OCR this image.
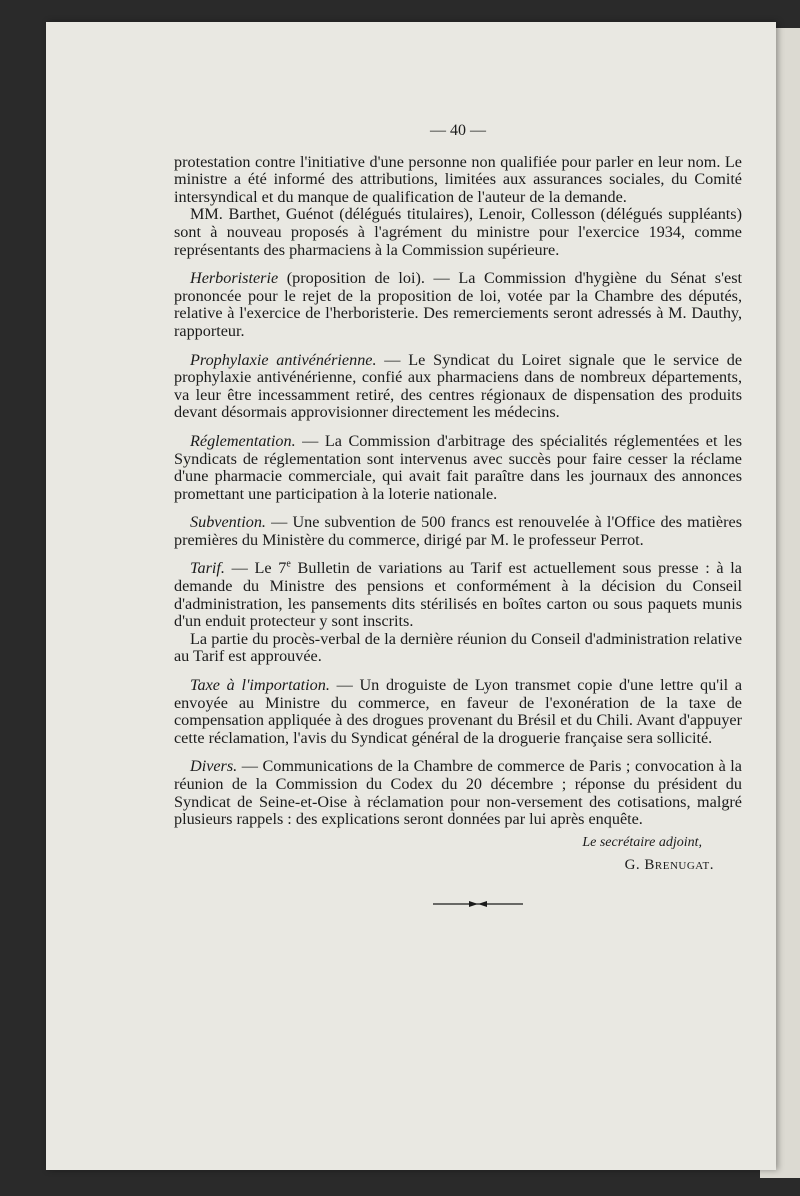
— 40 —

protestation contre l'initiative d'une personne non qualifiée pour parler en leur nom. Le ministre a été informé des attributions, limitées aux assurances sociales, du Comité intersyndical et du manque de qualification de l'auteur de la demande.

MM. Barthet, Guénot (délégués titulaires), Lenoir, Collesson (délégués suppléants) sont à nouveau proposés à l'agrément du ministre pour l'exercice 1934, comme représentants des pharmaciens à la Commission supérieure.

Herboristerie (proposition de loi). — La Commission d'hygiène du Sénat s'est prononcée pour le rejet de la proposition de loi, votée par la Chambre des députés, relative à l'exercice de l'herboristerie. Des remerciements seront adressés à M. Dauthy, rapporteur.

Prophylaxie antivénérienne. — Le Syndicat du Loiret signale que le service de prophylaxie antivénérienne, confié aux pharmaciens dans de nombreux départements, va leur être incessamment retiré, des centres régionaux de dispensation des produits devant désormais approvisionner directement les médecins.

Réglementation. — La Commission d'arbitrage des spécialités réglementées et les Syndicats de réglementation sont intervenus avec succès pour faire cesser la réclame d'une pharmacie commerciale, qui avait fait paraître dans les journaux des annonces promettant une participation à la loterie nationale.

Subvention. — Une subvention de 500 francs est renouvelée à l'Office des matières premières du Ministère du commerce, dirigé par M. le professeur Perrot.

Tarif. — Le 7e Bulletin de variations au Tarif est actuellement sous presse : à la demande du Ministre des pensions et conformément à la décision du Conseil d'administration, les pansements dits stérilisés en boîtes carton ou sous paquets munis d'un enduit protecteur y sont inscrits.

La partie du procès-verbal de la dernière réunion du Conseil d'administration relative au Tarif est approuvée.

Taxe à l'importation. — Un droguiste de Lyon transmet copie d'une lettre qu'il a envoyée au Ministre du commerce, en faveur de l'exonération de la taxe de compensation appliquée à des drogues provenant du Brésil et du Chili. Avant d'appuyer cette réclamation, l'avis du Syndicat général de la droguerie française sera sollicité.

Divers. — Communications de la Chambre de commerce de Paris ; convocation à la réunion de la Commission du Codex du 20 décembre ; réponse du président du Syndicat de Seine-et-Oise à réclamation pour non-versement des cotisations, malgré plusieurs rappels : des explications seront données par lui après enquête.

Le secrétaire adjoint,
G. Brenugat.
